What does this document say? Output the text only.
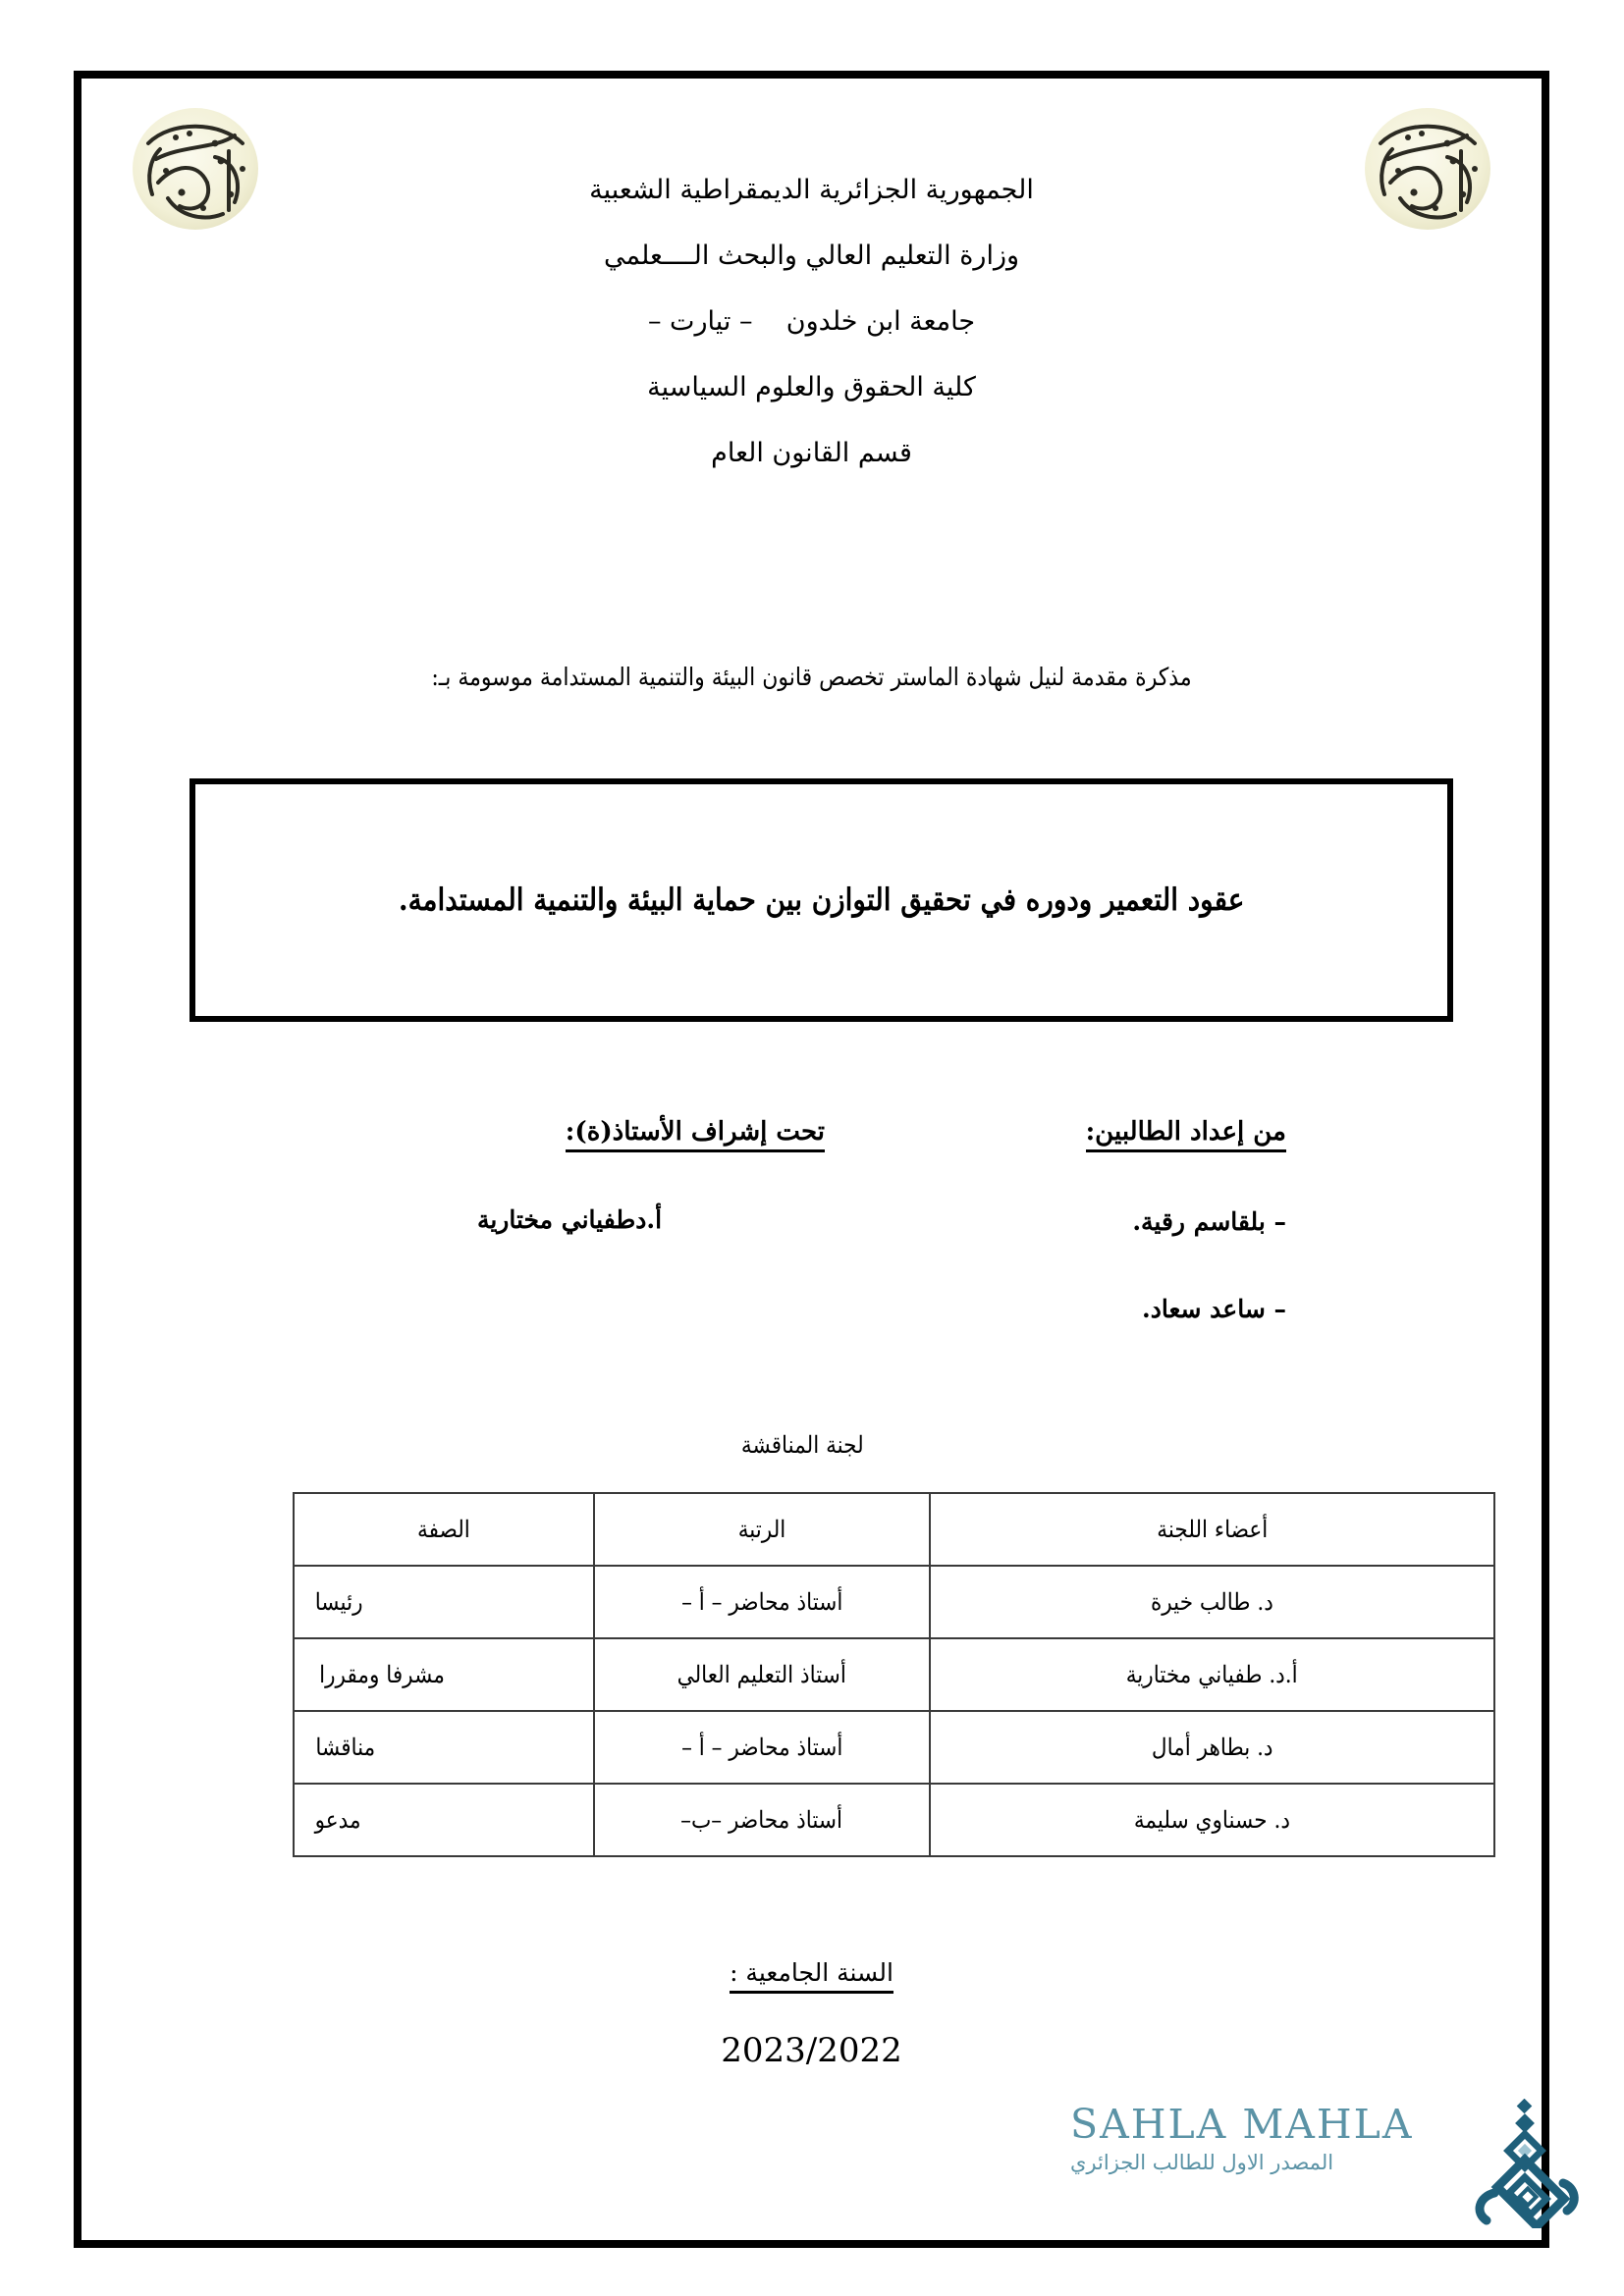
الجمهورية الجزائرية الديمقراطية الشعبية

وزارة التعليم العالي والبحث الــــعلمي

جامعة ابن خلدون    – تيارت –

كلية الحقوق والعلوم السياسية

قسم القانون العام

مذكرة مقدمة لنيل شهادة الماستر تخصص قانون البيئة والتنمية المستدامة موسومة بـ:
عقود التعمير ودوره في تحقيق التوازن بين حماية البيئة والتنمية المستدامة.
من إعداد الطالبين:

– بلقاسم رقية.

– ساعد سعاد.

تحت إشراف الأستاذ(ة):

أ.دطفياني مختارية

لجنة المناقشة
أعضاء اللجنة	الرتبة	الصفة
د. طالب خيرة	أستاذ محاضر – أ –	رئيسا
أ.د. طفياني مختارية	أستاذ التعليم العالي	مشرفا ومقررا
د. بطاهر أمال	أستاذ محاضر – أ –	مناقشا
د. حسناوي سليمة	أستاذ محاضر –ب–	مدعو
السنة الجامعية :
2023/2022
SAHLA MAHLA
المصدر الاول للطالب الجزائري
